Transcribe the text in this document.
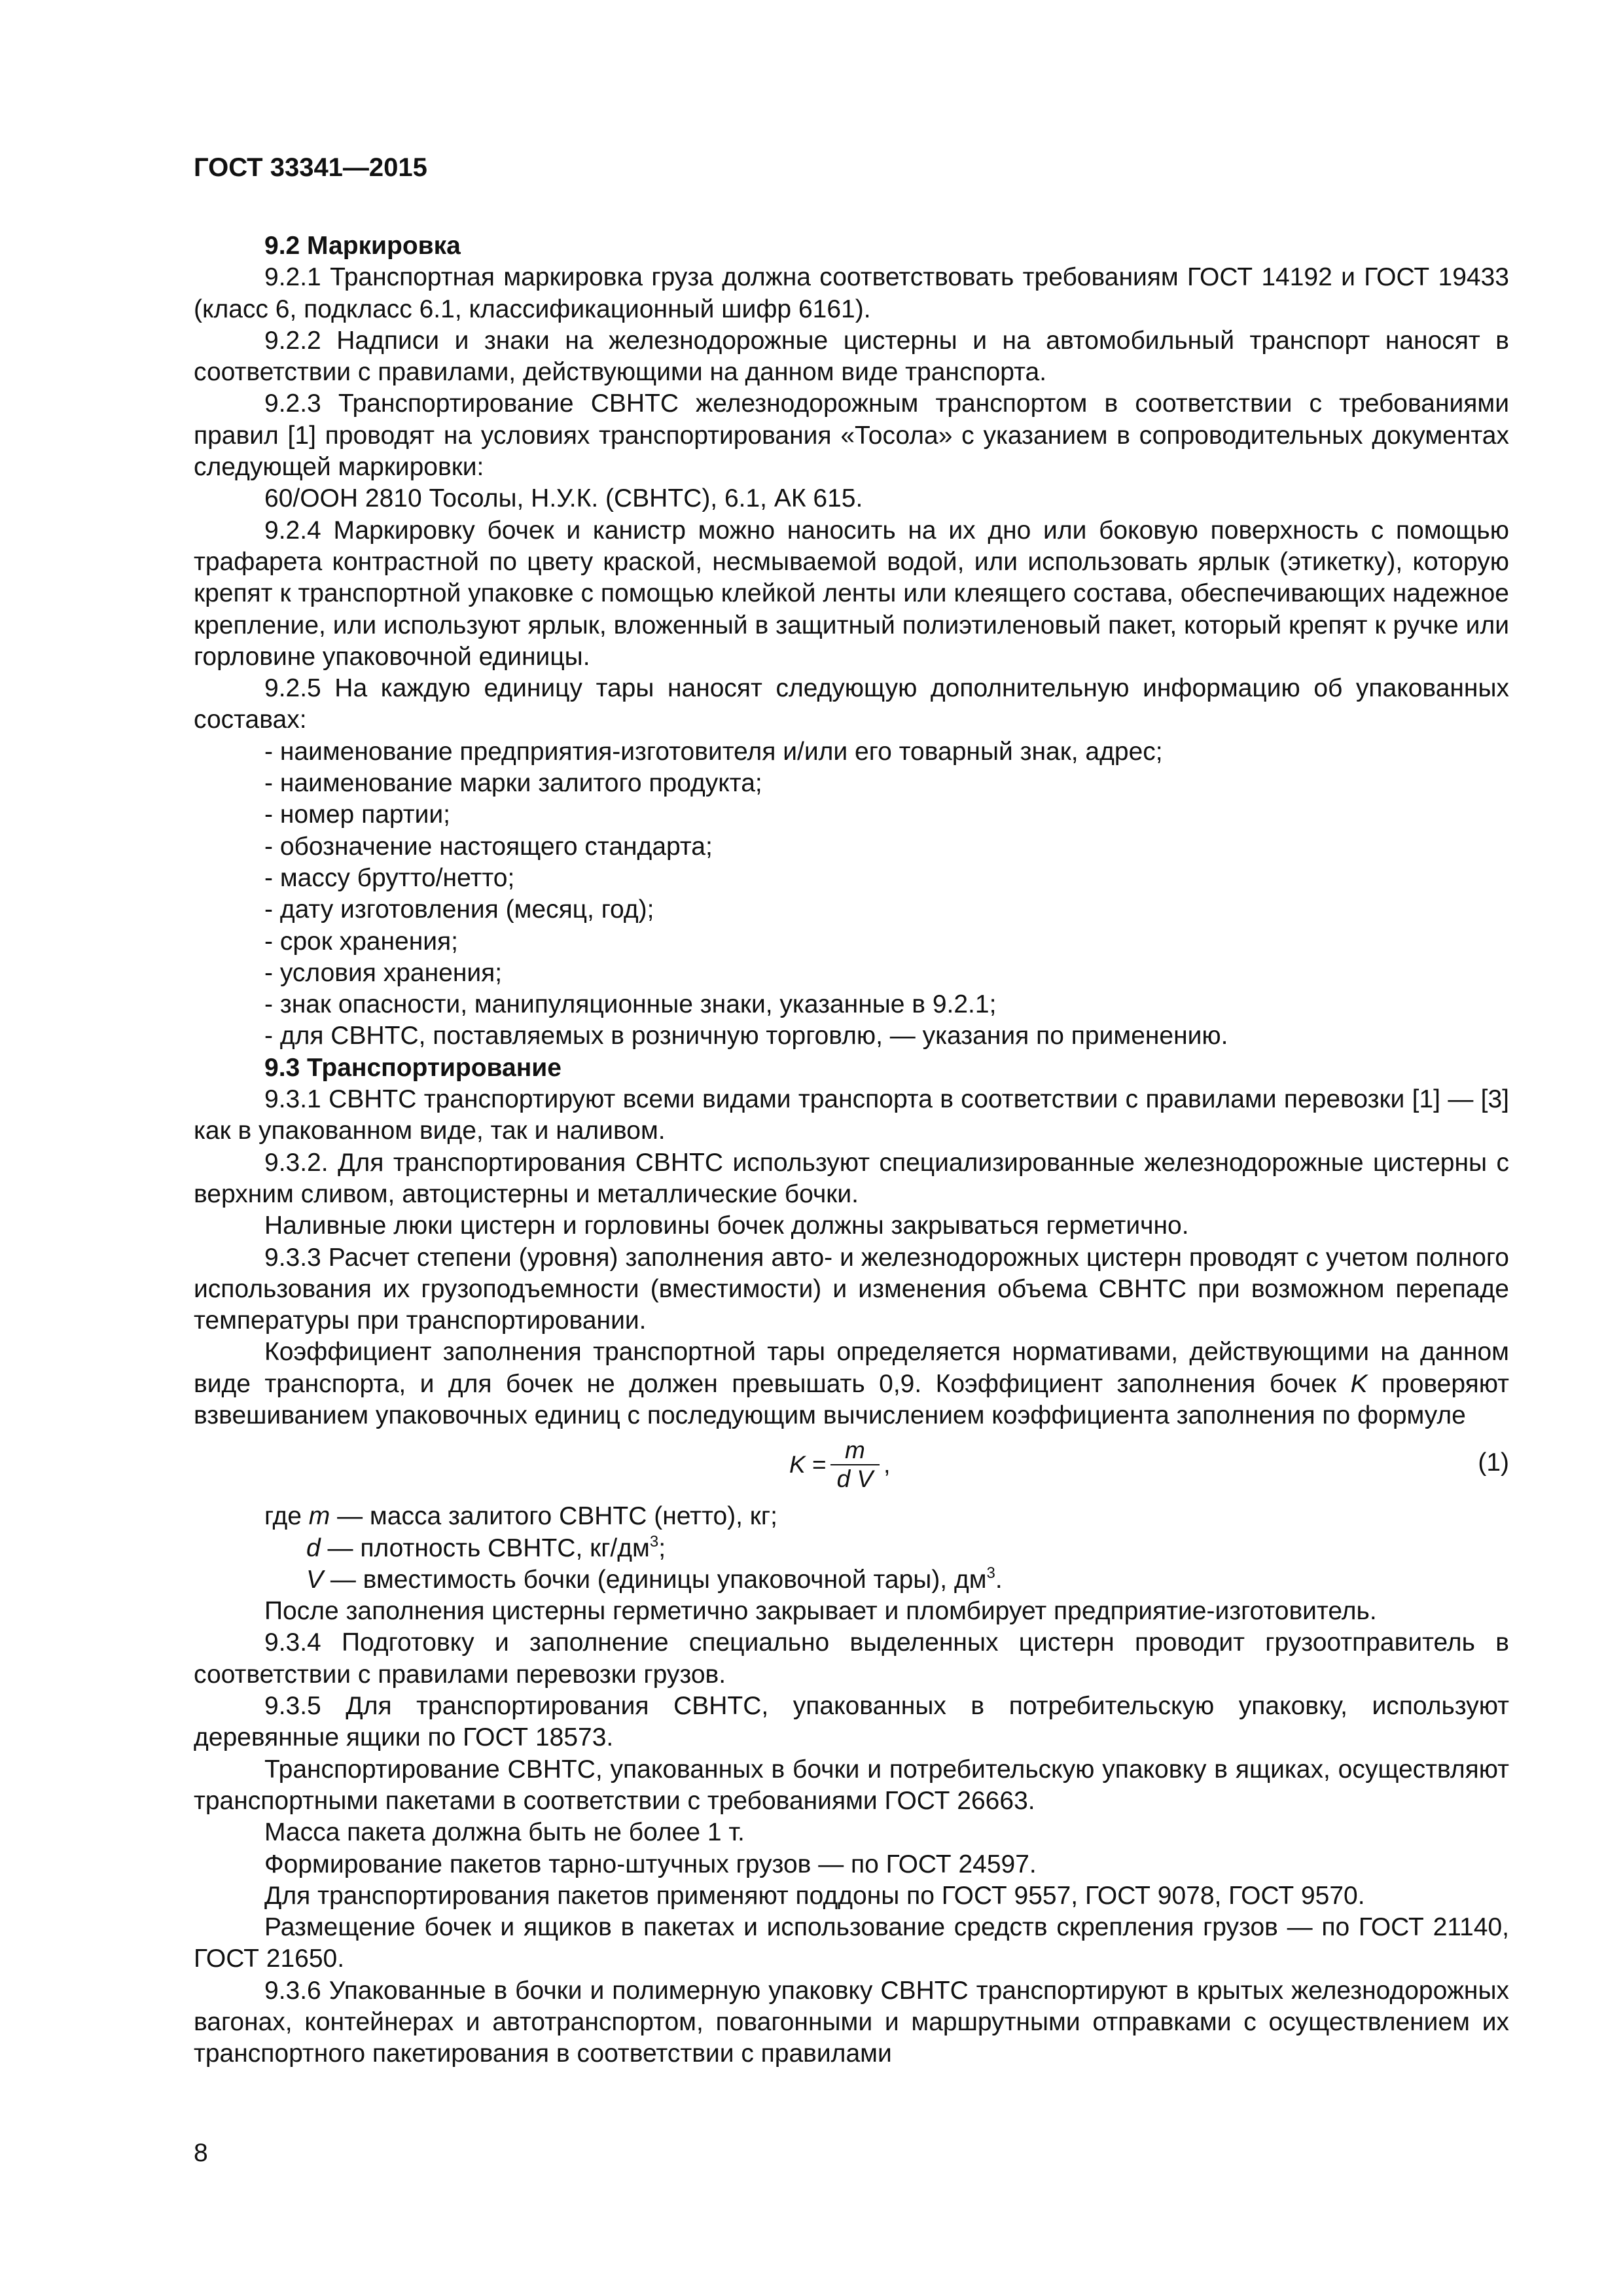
ГОСТ 33341—2015

9.2 Маркировка

9.2.1 Транспортная маркировка груза должна соответствовать требованиям ГОСТ 14192 и ГОСТ 19433 (класс 6, подкласс 6.1, классификационный шифр 6161).

9.2.2 Надписи и знаки на железнодорожные цистерны и на автомобильный транспорт наносят в соответствии с правилами, действующими на данном виде транспорта.

9.2.3 Транспортирование СВНТС железнодорожным транспортом в соответствии с требованиями правил [1] проводят на условиях транспортирования «Тосола» с указанием в сопроводительных документах следующей маркировки:

60/ООН 2810 Тосолы, Н.У.К. (СВНТС), 6.1, АК 615.

9.2.4 Маркировку бочек и канистр можно наносить на их дно или боковую поверхность с помощью трафарета контрастной по цвету краской, несмываемой водой, или использовать ярлык (этикетку), которую крепят к транспортной упаковке с помощью клейкой ленты или клеящего состава, обеспечивающих надежное крепление, или используют ярлык, вложенный в защитный полиэтиленовый пакет, который крепят к ручке или горловине упаковочной единицы.

9.2.5 На каждую единицу тары наносят следующую дополнительную информацию об упакованных составах:

- наименование предприятия-изготовителя и/или его товарный знак, адрес;

- наименование марки залитого продукта;

- номер партии;

- обозначение настоящего стандарта;

- массу брутто/нетто;

- дату изготовления (месяц, год);

- срок хранения;

- условия хранения;

- знак опасности, манипуляционные знаки, указанные в 9.2.1;

- для СВНТС, поставляемых в розничную торговлю, — указания по применению.

9.3 Транспортирование

9.3.1 СВНТС транспортируют всеми видами транспорта в соответствии с правилами перевозки [1] — [3] как в упакованном виде, так и наливом.

9.3.2. Для транспортирования СВНТС используют специализированные железнодорожные цистерны с верхним сливом, автоцистерны и металлические бочки.

Наливные люки цистерн и горловины бочек должны закрываться герметично.

9.3.3 Расчет степени (уровня) заполнения авто- и железнодорожных цистерн проводят с учетом полного использования их грузоподъемности (вместимости) и изменения объема СВНТС при возможном перепаде температуры при транспортировании.

Коэффициент заполнения транспортной тары определяется нормативами, действующими на данном виде транспорта, и для бочек не должен превышать 0,9. Коэффициент заполнения бочек K проверяют взвешиванием упаковочных единиц с последующим вычислением коэффициента заполнения по формуле

$K = \frac{m}{\text{d V}}$ ,	(1)

где m — масса залитого СВНТС (нетто), кг;

d — плотность СВНТС, $кг/дм^3$;

V — вместимость бочки (единицы упаковочной тары), $дм^3$.

После заполнения цистерны герметично закрывает и пломбирует предприятие-изготовитель.

9.3.4 Подготовку и заполнение специально выделенных цистерн проводит грузоотправитель в соответствии с правилами перевозки грузов.

9.3.5 Для транспортирования СВНТС, упакованных в потребительскую упаковку, используют деревянные ящики по ГОСТ 18573.

Транспортирование СВНТС, упакованных в бочки и потребительскую упаковку в ящиках, осуществляют транспортными пакетами в соответствии с требованиями ГОСТ 26663.

Масса пакета должна быть не более 1 т.

Формирование пакетов тарно-штучных грузов — по ГОСТ 24597.

Для транспортирования пакетов применяют поддоны по ГОСТ 9557, ГОСТ 9078, ГОСТ 9570.

Размещение бочек и ящиков в пакетах и использование средств скрепления грузов — по ГОСТ 21140, ГОСТ 21650.

9.3.6 Упакованные в бочки и полимерную упаковку СВНТС транспортируют в крытых железнодорожных вагонах, контейнерах и автотранспортом, повагонными и маршрутными отправками с осуществлением их транспортного пакетирования в соответствии с правилами

8
